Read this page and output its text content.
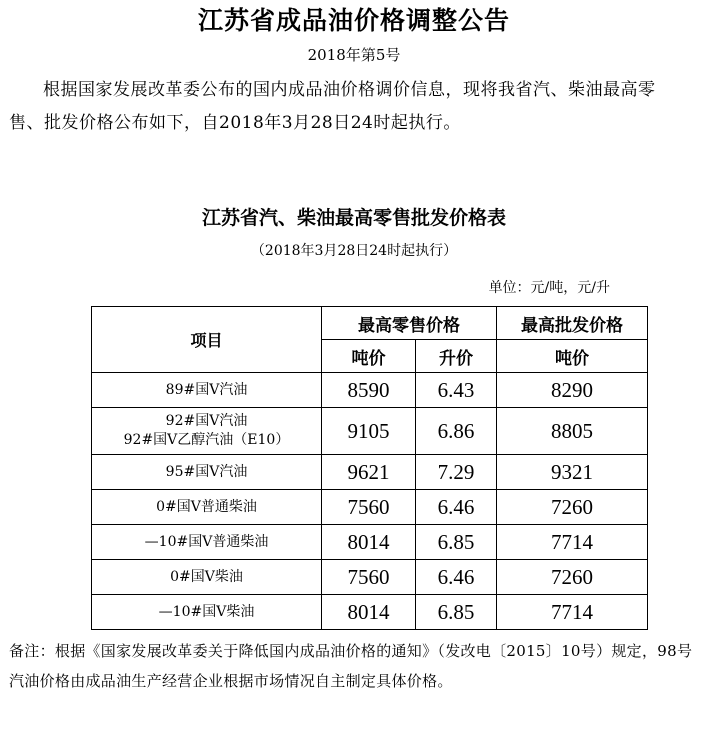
江苏省成品油价格调整公告
2018年第5号

根据国家发展改革委公布的国内成品油价格调价信息，现将我省汽、柴油最高零售、批发价格公布如下，自2018年3月28日24时起执行。

江苏省汽、柴油最高零售批发价格表
（2018年3月28日24时起执行）
单位：元/吨，元/升
项目	最高零售价格		最高批发价格
	吨价	升价	吨价
89#国Ⅴ汽油	8590	6.43	8290

92#国Ⅴ汽油
92#国Ⅴ乙醇汽油（E10）	9105	6.86	8805
95#国Ⅴ汽油	9621	7.29	9321
0#国Ⅴ普通柴油	7560	6.46	7260
—10#国Ⅴ普通柴油	8014	6.85	7714
0#国Ⅴ柴油	7560	6.46	7260
—10#国Ⅴ柴油	8014	6.85	7714

备注：根据《国家发展改革委关于降低国内成品油价格的通知》（发改电〔2015〕10号）规定，98号汽油价格由成品油生产经营企业根据市场情况自主制定具体价格。
